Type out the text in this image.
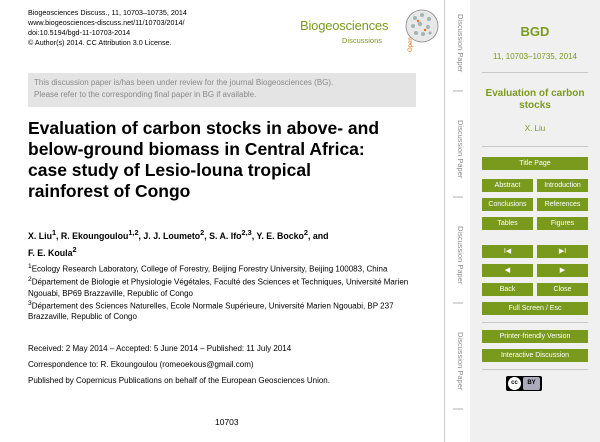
Biogeosciences Discuss., 11, 10703–10735, 2014
www.biogeosciences-discuss.net/11/10703/2014/
doi:10.5194/bgd-11-10703-2014
© Author(s) 2014. CC Attribution 3.0 License.
Biogeosciences
Discussions
This discussion paper is/has been under review for the journal Biogeosciences (BG).
Please refer to the corresponding final paper in BG if available.
Evaluation of carbon stocks in above- and
below-ground biomass in Central Africa:
case study of Lesio-louna tropical
rainforest of Congo
X. Liu$^1$, R. Ekoungoulou$^{1,2}$, J. J. Loumeto$^2$, S. A. Ifo$^{2,3}$, Y. E. Bocko$^2$, and
F. E. Koula$^2$
$^1$Ecology Research Laboratory, College of Forestry, Beijing Forestry University, Beijing 100083, China
$^2$Département de Biologie et Physiologie Végétales, Faculté des Sciences et Techniques, Université Marien Ngouabi, BP69 Brazzaville, Republic of Congo
$^3$Département des Sciences Naturelles, Ecole Normale Supérieure, Université Marien Ngouabi, BP 237 Brazzaville, Republic of Congo
Received: 2 May 2014 – Accepted: 5 June 2014 – Published: 11 July 2014
Correspondence to: R. Ekoungoulou (romeoekous@gmail.com)
Published by Copernicus Publications on behalf of the European Geosciences Union.
10703
Discussion Paper
Discussion Paper
Discussion Paper
Discussion Paper
BGD
11, 10703–10735, 2014
Evaluation of carbon stocks
X. Liu
Title Page
Abstract	Introduction
Conclusions	References
Tables	Figures
I◀	▶I
◀	▶
Back	Close
Full Screen / Esc
Printer-friendly Version
Interactive Discussion
cc	BY
